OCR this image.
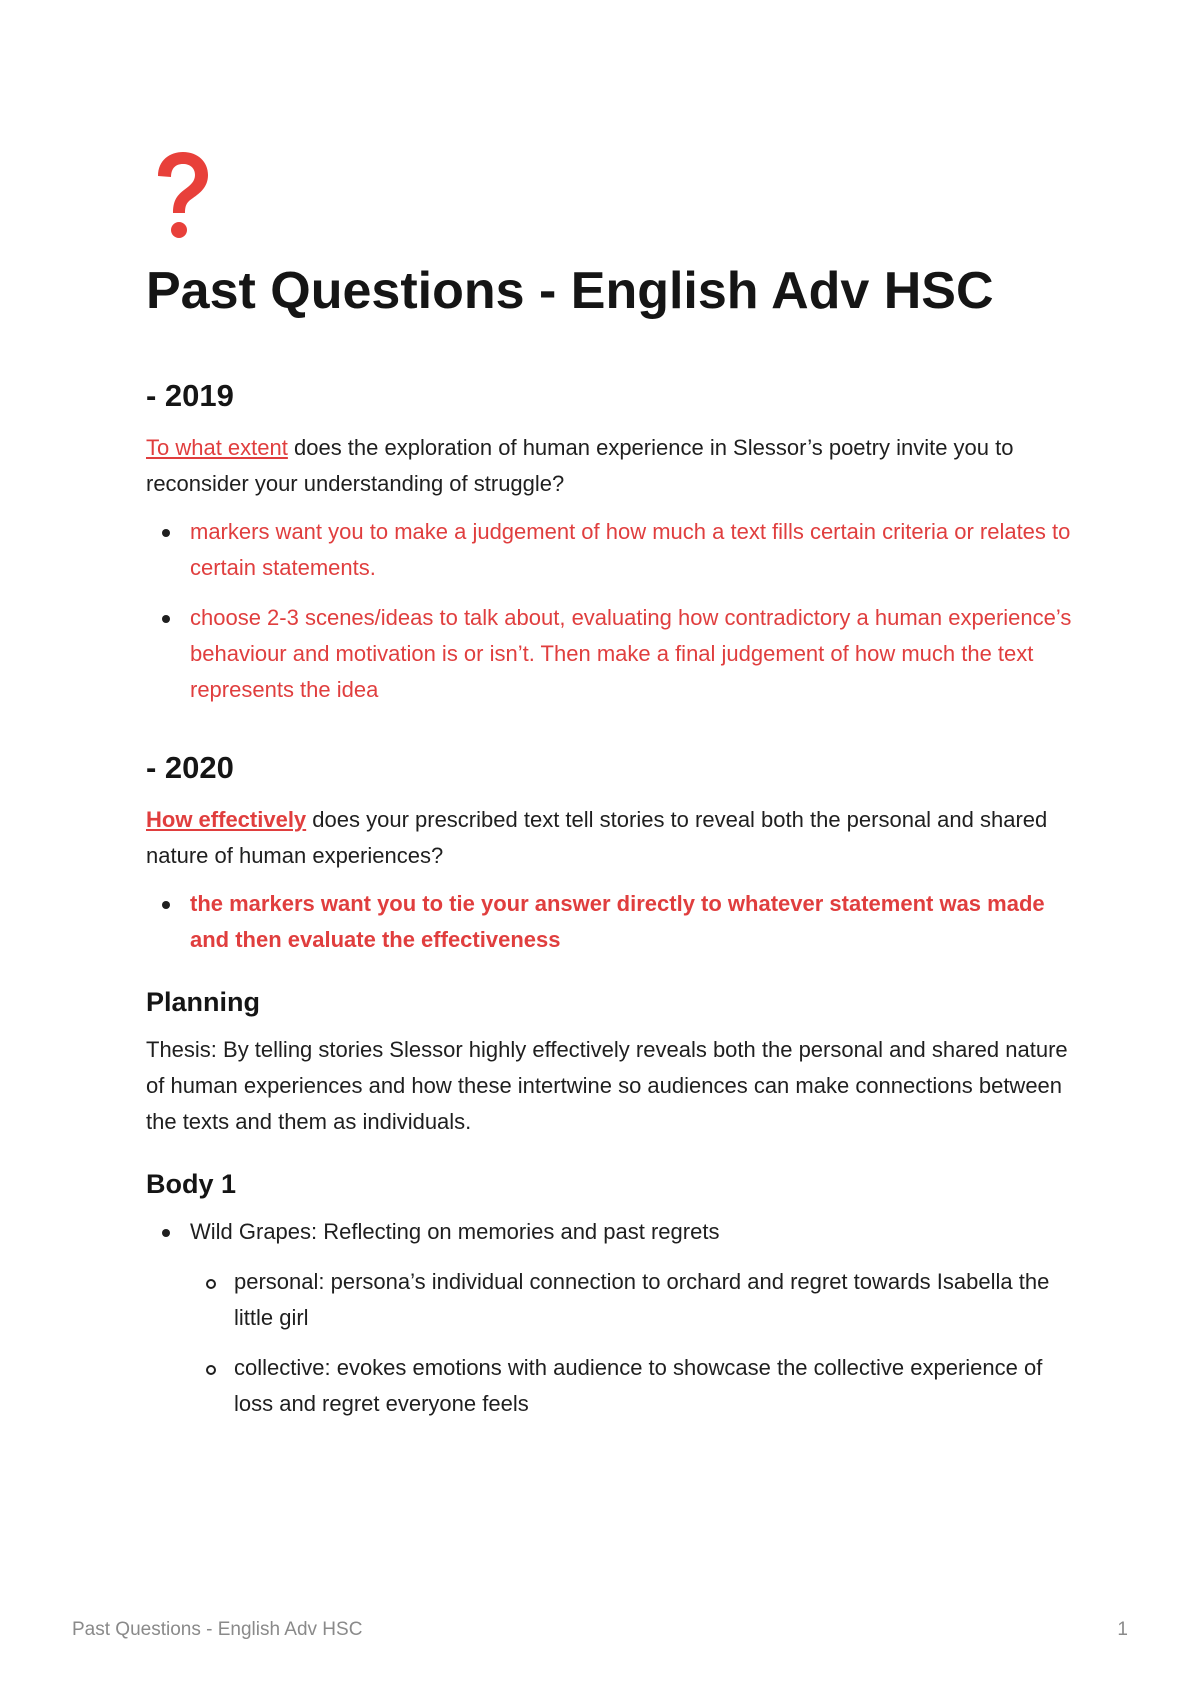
Past Questions - English Adv HSC
- 2019

To what extent does the exploration of human experience in Slessor’s poetry invite you to reconsider your understanding of struggle?

markers want you to make a judgement of how much a text fills certain criteria or relates to certain statements.
choose 2-3 scenes/ideas to talk about, evaluating how contradictory a human experience’s behaviour and motivation is or isn’t. Then make a final judgement of how much the text represents the idea
- 2020

How effectively does your prescribed text tell stories to reveal both the personal and shared nature of human experiences?

the markers want you to tie your answer directly to whatever statement was made and then evaluate the effectiveness
Planning

Thesis: By telling stories Slessor highly effectively reveals both the personal and shared nature of human experiences and how these intertwine so audiences can make connections between the texts and them as individuals.

Body 1
Wild Grapes: Reflecting on memories and past regrets
personal: persona’s individual connection to orchard and regret towards Isabella the little girl
collective: evokes emotions with audience to showcase the collective experience of loss and regret everyone feels
Past Questions - English Adv HSC	1
